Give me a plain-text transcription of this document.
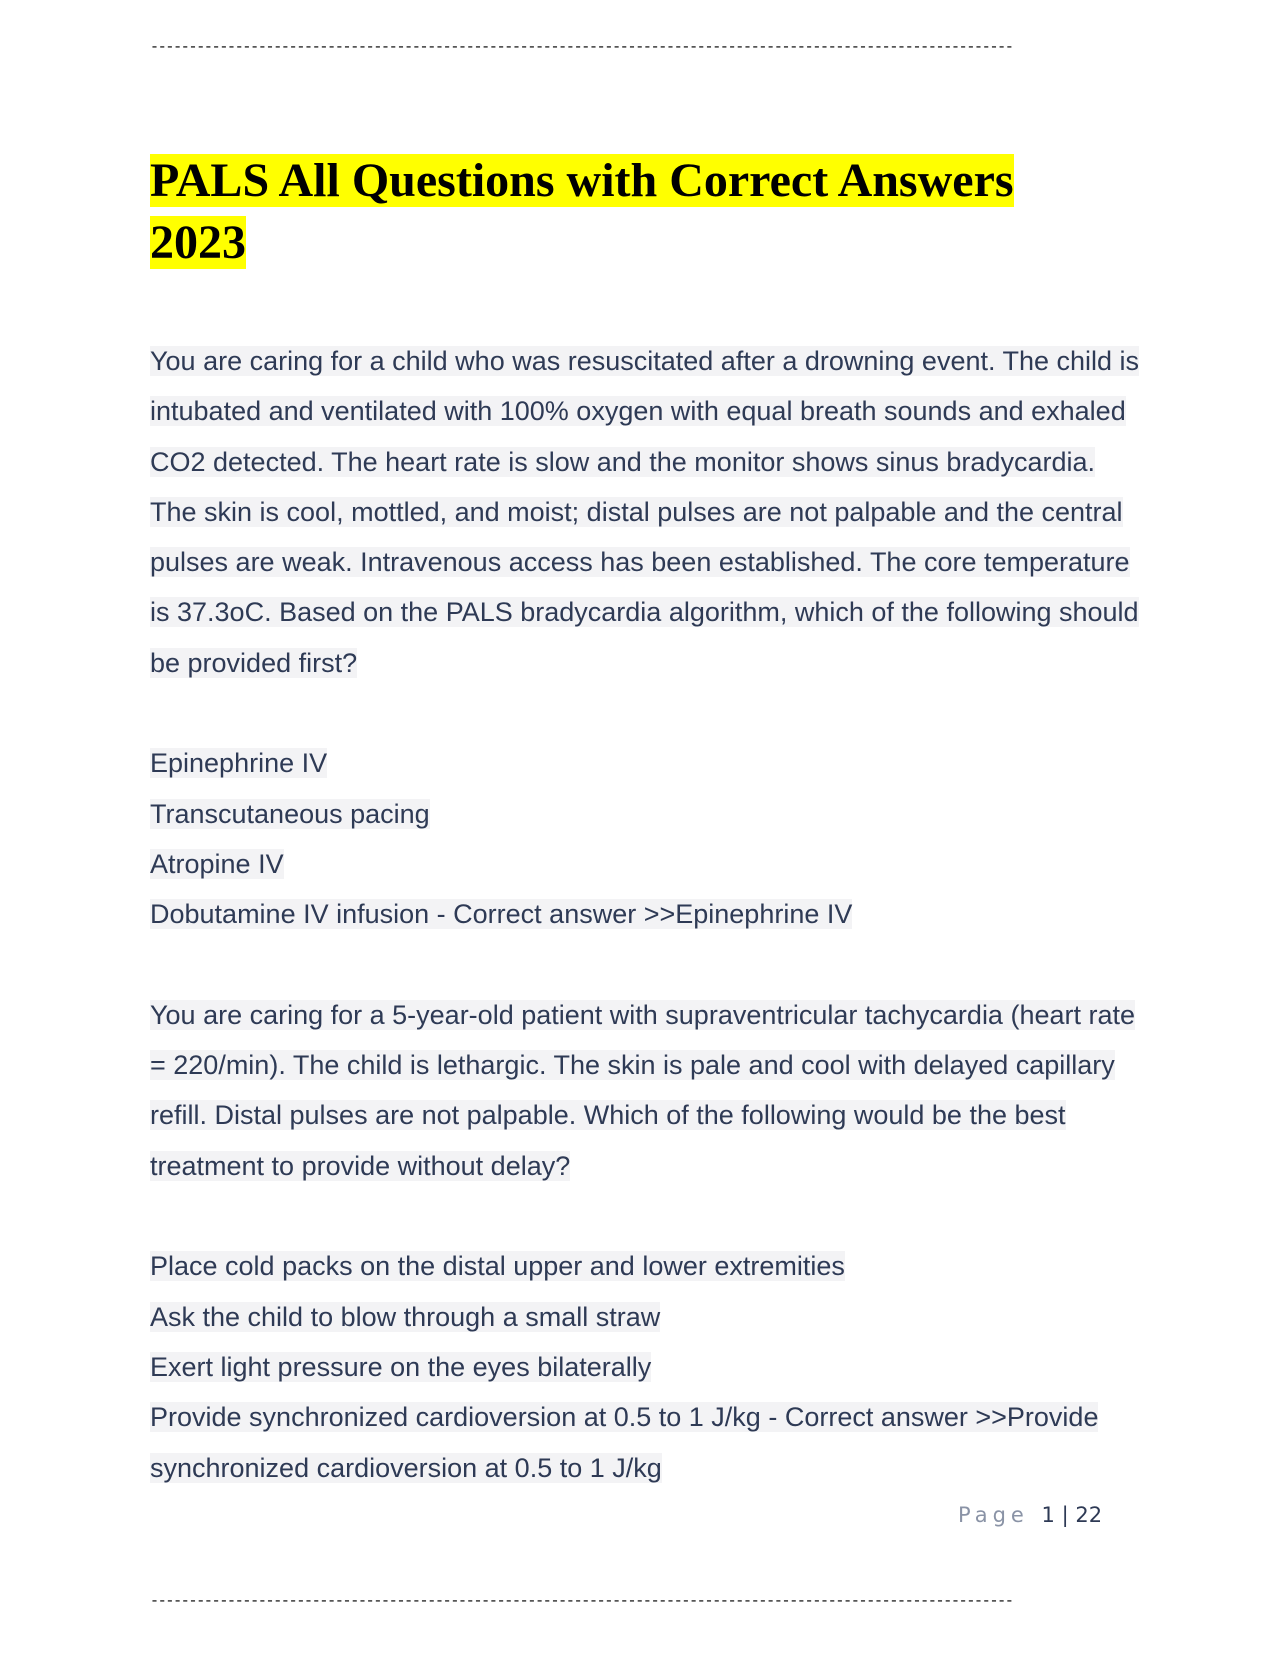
----------------------------------------------------------------------------------------------------------------
PALS All Questions with Correct Answers 2023

You are caring for a child who was resuscitated after a drowning event. The child is intubated and ventilated with 100% oxygen with equal breath sounds and exhaled CO2 detected. The heart rate is slow and the monitor shows sinus bradycardia. The skin is cool, mottled, and moist; distal pulses are not palpable and the central pulses are weak. Intravenous access has been established. The core temperature is 37.3oC. Based on the PALS bradycardia algorithm, which of the following should be provided first?

Epinephrine IV

Transcutaneous pacing

Atropine IV

Dobutamine IV infusion - Correct answer >>Epinephrine IV

You are caring for a 5-year-old patient with supraventricular tachycardia (heart rate = 220/min). The child is lethargic. The skin is pale and cool with delayed capillary refill. Distal pulses are not palpable. Which of the following would be the best treatment to provide without delay?

Place cold packs on the distal upper and lower extremities

Ask the child to blow through a small straw

Exert light pressure on the eyes bilaterally

Provide synchronized cardioversion at 0.5 to 1 J/kg - Correct answer >>Provide synchronized cardioversion at 0.5 to 1 J/kg

Page 1 | 22
----------------------------------------------------------------------------------------------------------------
